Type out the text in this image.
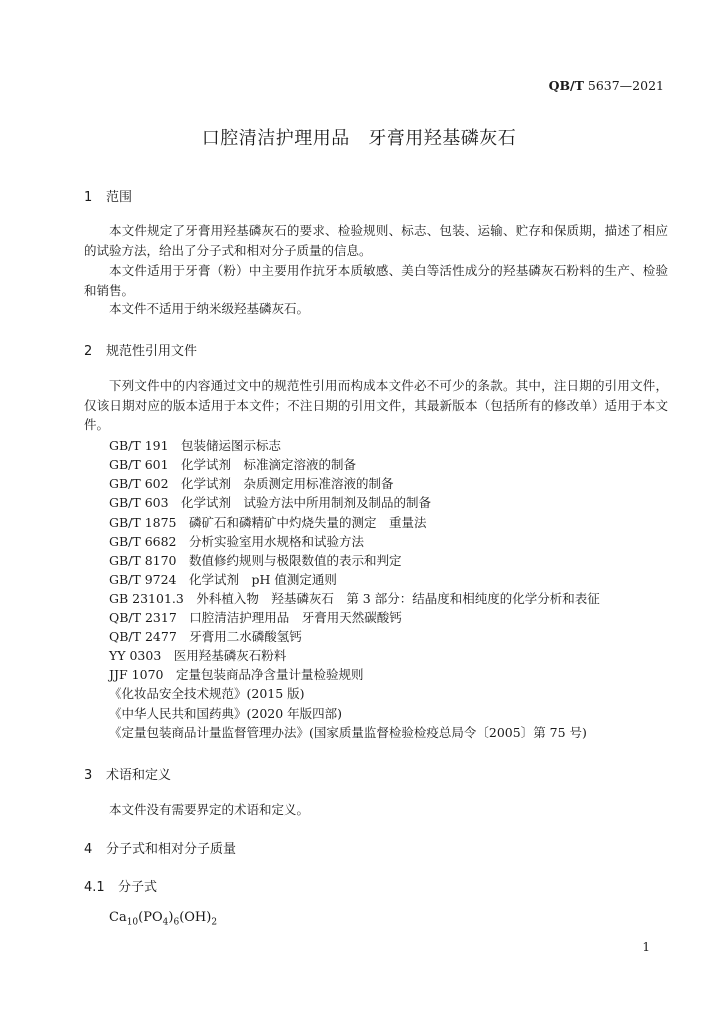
QB/T 5637—2021
口腔清洁护理用品　牙膏用羟基磷灰石
1 范围
本文件规定了牙膏用羟基磷灰石的要求、检验规则、标志、包装、运输、贮存和保质期，描述了相应的试验方法，给出了分子式和相对分子质量的信息。
本文件适用于牙膏（粉）中主要用作抗牙本质敏感、美白等活性成分的羟基磷灰石粉料的生产、检验和销售。
本文件不适用于纳米级羟基磷灰石。
2 规范性引用文件
下列文件中的内容通过文中的规范性引用而构成本文件必不可少的条款。其中，注日期的引用文件，仅该日期对应的版本适用于本文件；不注日期的引用文件，其最新版本（包括所有的修改单）适用于本文件。
GB/T 191　包装储运图示标志
GB/T 601　化学试剂　标准滴定溶液的制备
GB/T 602　化学试剂　杂质测定用标准溶液的制备
GB/T 603　化学试剂　试验方法中所用制剂及制品的制备
GB/T 1875　磷矿石和磷精矿中灼烧失量的测定　重量法
GB/T 6682　分析实验室用水规格和试验方法
GB/T 8170　数值修约规则与极限数值的表示和判定
GB/T 9724　化学试剂　pH 值测定通则
GB 23101.3　外科植入物　羟基磷灰石　第 3 部分：结晶度和相纯度的化学分析和表征
QB/T 2317　口腔清洁护理用品　牙膏用天然碳酸钙
QB/T 2477　牙膏用二水磷酸氢钙
YY 0303　医用羟基磷灰石粉料
JJF 1070　定量包装商品净含量计量检验规则
《化妆品安全技术规范》(2015 版)
《中华人民共和国药典》(2020 年版四部)
《定量包装商品计量监督管理办法》(国家质量监督检验检疫总局令〔2005〕第 75 号)
3 术语和定义
本文件没有需要界定的术语和定义。
4 分子式和相对分子质量
4.1 分子式
$Ca_{10}(PO_4)_6(OH)_2$
1
